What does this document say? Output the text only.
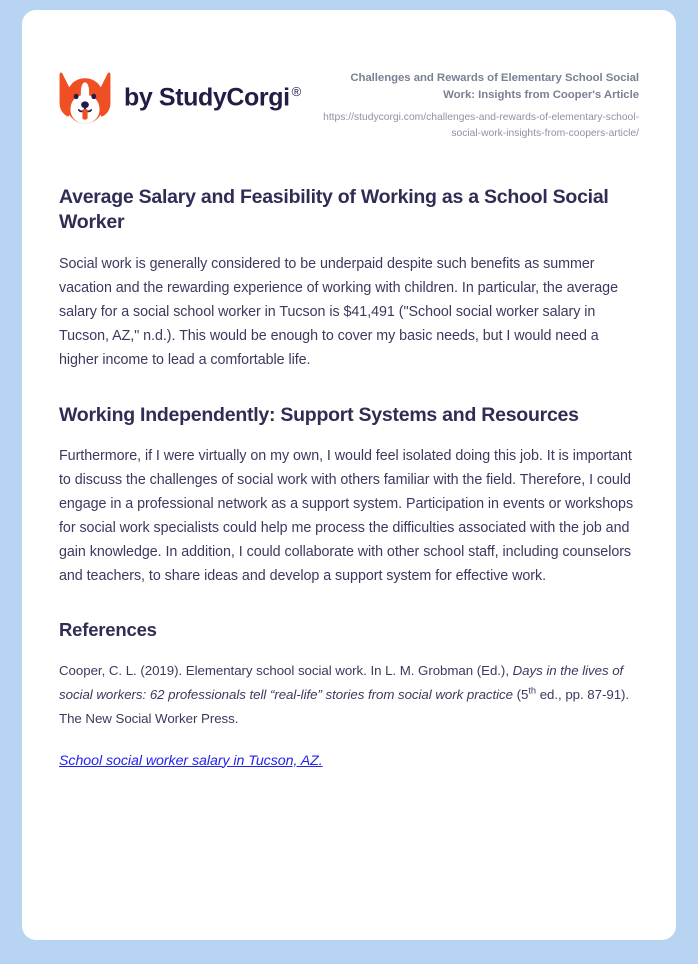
by StudyCorgi ®
Challenges and Rewards of Elementary School Social Work: Insights from Cooper's Article
https://studycorgi.com/challenges-and-rewards-of-elementary-school-social-work-insights-from-coopers-article/
Average Salary and Feasibility of Working as a School Social Worker

Social work is generally considered to be underpaid despite such benefits as summer vacation and the rewarding experience of working with children. In particular, the average salary for a social school worker in Tucson is $41,491 ("School social worker salary in Tucson, AZ," n.d.). This would be enough to cover my basic needs, but I would need a higher income to lead a comfortable life.

Working Independently: Support Systems and Resources

Furthermore, if I were virtually on my own, I would feel isolated doing this job. It is important to discuss the challenges of social work with others familiar with the field. Therefore, I could engage in a professional network as a support system. Participation in events or workshops for social work specialists could help me process the difficulties associated with the job and gain knowledge. In addition, I could collaborate with other school staff, including counselors and teachers, to share ideas and develop a support system for effective work.

References

Cooper, C. L. (2019). Elementary school social work. In L. M. Grobman (Ed.), Days in the lives of social workers: 62 professionals tell “real-life” stories from social work practice (5th ed., pp. 87-91). The New Social Worker Press.

School social worker salary in Tucson, AZ.
